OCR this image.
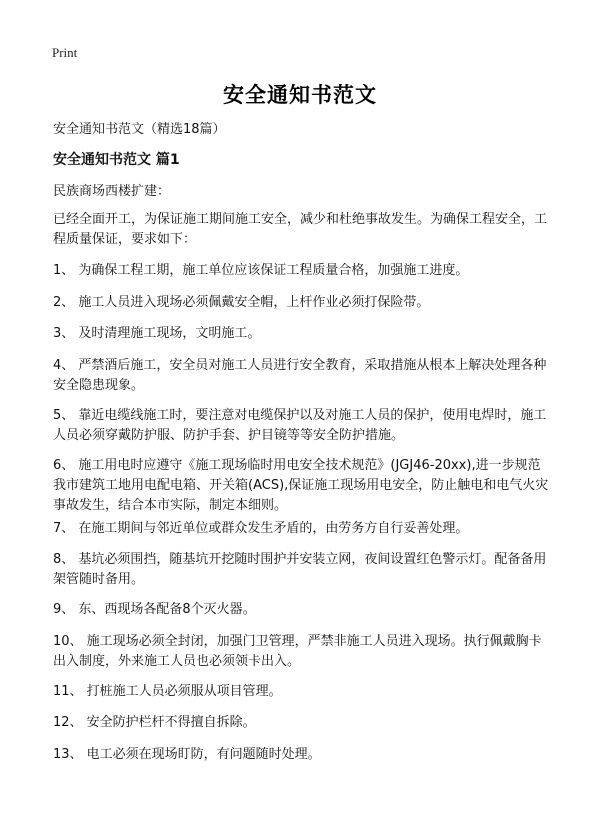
Print
安全通知书范文
安全通知书范文（精选18篇）
安全通知书范文 篇1
民族商场西楼扩建：
已经全面开工，为保证施工期间施工安全，减少和杜绝事故发生。为确保工程安全，工程质量保证，要求如下：
1、 为确保工程工期，施工单位应该保证工程质量合格，加强施工进度。
2、 施工人员进入现场必须佩戴安全帽，上杆作业必须打保险带。
3、 及时清理施工现场，文明施工。
4、 严禁酒后施工，安全员对施工人员进行安全教育，采取措施从根本上解决处理各种安全隐患现象。
5、 靠近电缆线施工时，要注意对电缆保护以及对施工人员的保护，使用电焊时，施工人员必须穿戴防护服、防护手套、护目镜等等安全防护措施。
6、 施工用电时应遵守《施工现场临时用电安全技术规范》(JGJ46-20xx),进一步规范我市建筑工地用电配电箱、开关箱(ACS),保证施工现场用电安全，防止触电和电气火灾事故发生，结合本市实际，制定本细则。
7、 在施工期间与邻近单位或群众发生矛盾的，由劳务方自行妥善处理。
8、 基坑必须围挡，随基坑开挖随时围护并安装立网，夜间设置红色警示灯。配备备用架管随时备用。
9、 东、西现场各配备8个灭火器。
10、 施工现场必须全封闭，加强门卫管理，严禁非施工人员进入现场。执行佩戴胸卡出入制度，外来施工人员也必须领卡出入。
11、 打桩施工人员必须服从项目管理。
12、 安全防护栏杆不得擅自拆除。
13、 电工必须在现场盯防，有问题随时处理。
